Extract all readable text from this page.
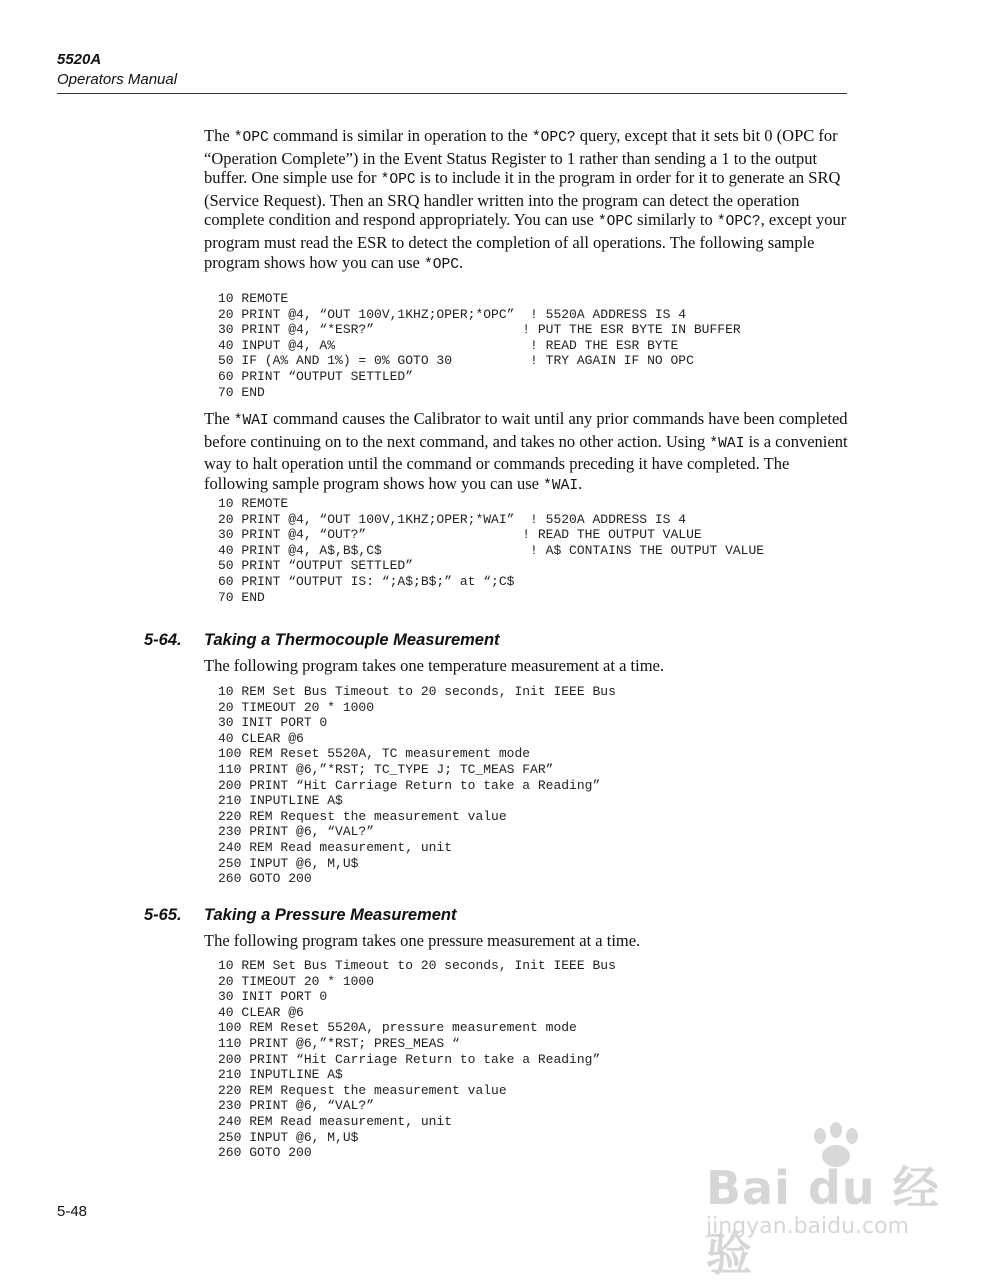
5520A
Operators Manual
The *OPC command is similar in operation to the *OPC? query, except that it sets bit 0 (OPC for “Operation Complete”) in the Event Status Register to 1 rather than sending a 1 to the output buffer. One simple use for *OPC is to include it in the program in order for it to generate an SRQ (Service Request). Then an SRQ handler written into the program can detect the operation complete condition and respond appropriately. You can use *OPC similarly to *OPC?, except your program must read the ESR to detect the completion of all operations. The following sample program shows how you can use *OPC.
10 REMOTE
20 PRINT @4, “OUT 100V,1KHZ;OPER;*OPC”  ! 5520A ADDRESS IS 4
30 PRINT @4, “*ESR?”                   ! PUT THE ESR BYTE IN BUFFER
40 INPUT @4, A%                         ! READ THE ESR BYTE
50 IF (A% AND 1%) = 0% GOTO 30          ! TRY AGAIN IF NO OPC
60 PRINT “OUTPUT SETTLED”
70 END
The *WAI command causes the Calibrator to wait until any prior commands have been completed before continuing on to the next command, and takes no other action. Using *WAI is a convenient way to halt operation until the command or commands preceding it have completed. The following sample program shows how you can use *WAI.
10 REMOTE
20 PRINT @4, “OUT 100V,1KHZ;OPER;*WAI”  ! 5520A ADDRESS IS 4
30 PRINT @4, “OUT?”                    ! READ THE OUTPUT VALUE
40 PRINT @4, A$,B$,C$                   ! A$ CONTAINS THE OUTPUT VALUE
50 PRINT “OUTPUT SETTLED”
60 PRINT “OUTPUT IS: “;A$;B$;” at “;C$
70 END
5-64. Taking a Thermocouple Measurement
The following program takes one temperature measurement at a time.
10 REM Set Bus Timeout to 20 seconds, Init IEEE Bus
20 TIMEOUT 20 * 1000
30 INIT PORT 0
40 CLEAR @6
100 REM Reset 5520A, TC measurement mode
110 PRINT @6,”*RST; TC_TYPE J; TC_MEAS FAR”
200 PRINT “Hit Carriage Return to take a Reading”
210 INPUTLINE A$
220 REM Request the measurement value
230 PRINT @6, “VAL?”
240 REM Read measurement, unit
250 INPUT @6, M,U$
260 GOTO 200
5-65. Taking a Pressure Measurement
The following program takes one pressure measurement at a time.
10 REM Set Bus Timeout to 20 seconds, Init IEEE Bus
20 TIMEOUT 20 * 1000
30 INIT PORT 0
40 CLEAR @6
100 REM Reset 5520A, pressure measurement mode
110 PRINT @6,”*RST; PRES_MEAS “
200 PRINT “Hit Carriage Return to take a Reading”
210 INPUTLINE A$
220 REM Request the measurement value
230 PRINT @6, “VAL?”
240 REM Read measurement, unit
250 INPUT @6, M,U$
260 GOTO 200
5-48	Bai du 经验
jingyan.baidu.com
